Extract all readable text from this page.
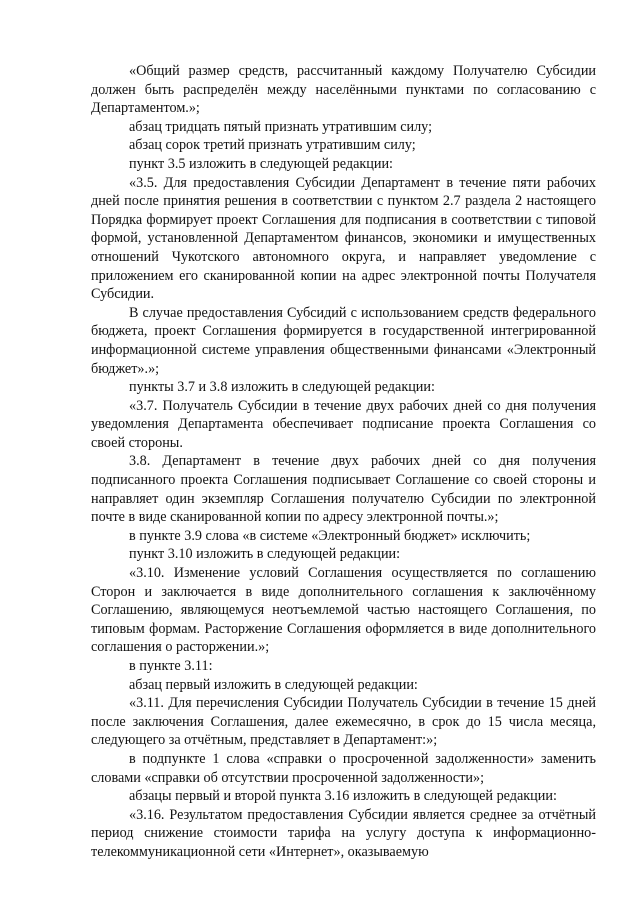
«Общий размер средств, рассчитанный каждому Получателю Субсидии должен быть распределён между населёнными пунктами по согласованию с Департаментом.»;

абзац тридцать пятый признать утратившим силу;

абзац сорок третий признать утратившим силу;

пункт 3.5 изложить в следующей редакции:

«3.5. Для предоставления Субсидии Департамент в течение пяти рабочих дней после принятия решения в соответствии с пунктом 2.7 раздела 2 настоящего Порядка формирует проект Соглашения для подписания в соответствии с типовой формой, установленной Департаментом финансов, экономики и имущественных отношений Чукотского автономного округа, и направляет уведомление с приложением его сканированной копии на адрес электронной почты Получателя Субсидии.

В случае предоставления Субсидий с использованием средств федерального бюджета, проект Соглашения формируется в государственной интегрированной информационной системе управления общественными финансами «Электронный бюджет».»;

пункты 3.7 и 3.8 изложить в следующей редакции:

«3.7. Получатель Субсидии в течение двух рабочих дней со дня получения уведомления Департамента обеспечивает подписание проекта Соглашения со своей стороны.

3.8. Департамент в течение двух рабочих дней со дня получения подписанного проекта Соглашения подписывает Соглашение со своей стороны и направляет один экземпляр Соглашения получателю Субсидии по электронной почте в виде сканированной копии по адресу электронной почты.»;

в пункте 3.9 слова «в системе «Электронный бюджет» исключить;

пункт 3.10 изложить в следующей редакции:

«3.10. Изменение условий Соглашения осуществляется по соглашению Сторон и заключается в виде дополнительного соглашения к заключённому Соглашению, являющемуся неотъемлемой частью настоящего Соглашения, по типовым формам. Расторжение Соглашения оформляется в виде дополнительного соглашения о расторжении.»;

в пункте 3.11:

абзац первый изложить в следующей редакции:

«3.11. Для перечисления Субсидии Получатель Субсидии в течение 15 дней после заключения Соглашения, далее ежемесячно, в срок до 15 числа месяца, следующего за отчётным, представляет в Департамент:»;

в подпункте 1 слова «справки о просроченной задолженности» заменить словами «справки об отсутствии просроченной задолженности»;

абзацы первый и второй пункта 3.16 изложить в следующей редакции:

«3.16. Результатом предоставления Субсидии является среднее за отчётный период снижение стоимости тарифа на услугу доступа к информационно-телекоммуникационной сети «Интернет», оказываемую
